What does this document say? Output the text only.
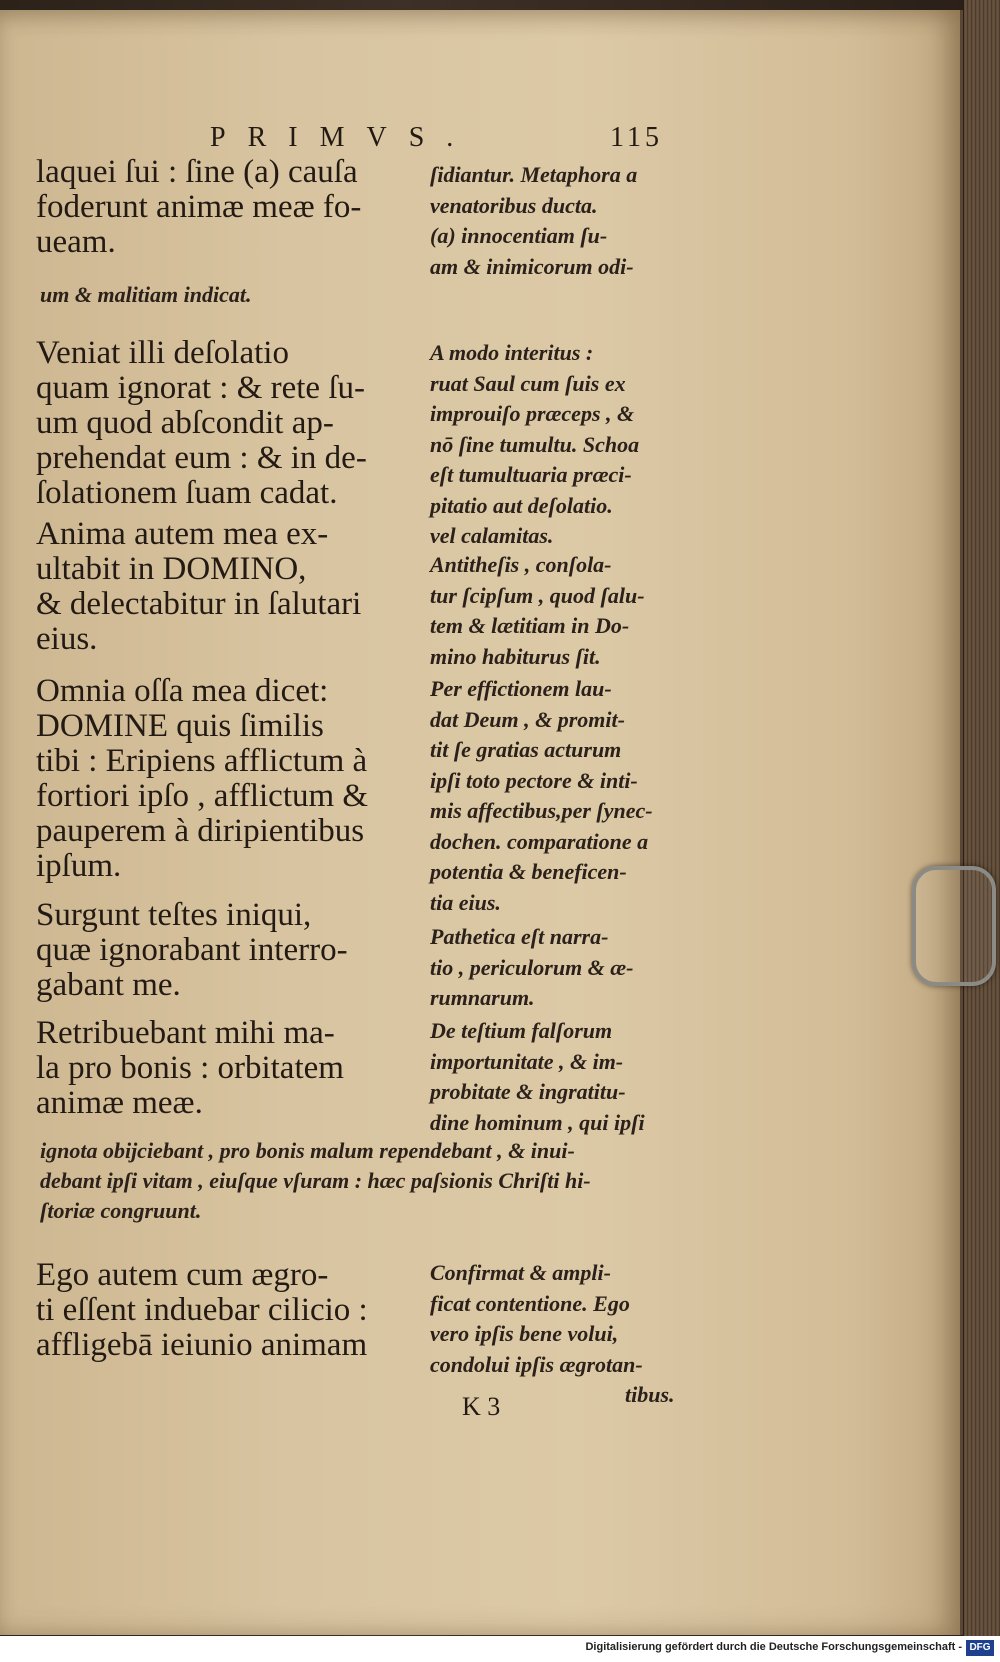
PRIMVS.	115
laquei ſui : ſine (a) cauſa
foderunt animæ meæ fo-
ueam.
ſidiantur. Metaphora a
venatoribus ducta.
(a) innocentiam ſu-
am & inimicorum odi-
um & malitiam indicat.
Veniat illi deſolatio
quam ignorat : & rete ſu-
um quod abſcondit ap-
prehendat eum : & in de-
ſolationem ſuam cadat.
A modo interitus :
ruat Saul cum ſuis ex
improuiſo præceps , &
nō ſine tumultu. Schoa
eſt tumultuaria præci-
pitatio aut deſolatio.
vel calamitas.
Anima autem mea ex-
ultabit in DOMINO,
& delectabitur in ſalutari
eius.
Antitheſis , conſola-
tur ſcipſum , quod ſalu-
tem & lætitiam in Do-
mino habiturus ſit.
Omnia oſſa mea dicet:
DOMINE quis ſimilis
tibi : Eripiens afflictum à
fortiori ipſo , afflictum &
pauperem à diripientibus
ipſum.
Per effictionem lau-
dat Deum , & promit-
tit ſe gratias acturum
ipſi toto pectore & inti-
mis affectibus,per ſynec-
dochen. comparatione a
potentia & beneficen-
tia eius.
Surgunt teſtes iniqui,
quæ ignorabant interro-
gabant me.
Pathetica eſt narra-
tio , periculorum & æ-
rumnarum.
Retribuebant mihi ma-
la pro bonis : orbitatem
animæ meæ.
De teſtium falſorum
importunitate , & im-
probitate & ingratitu-
dine hominum , qui ipſi
ignota obijciebant , pro bonis malum rependebant , & inui-
debant ipſi vitam , eiuſque vſuram : hæc paſsionis Chriſti hi-
ſtoriæ congruunt.
Ego autem cum ægro-
ti eſſent induebar cilicio :
affligebā ieiunio animam
Confirmat & ampli-
ficat contentione. Ego
vero ipſis bene volui,
condolui ipſis ægrotan-
tibus.
K 3
Digitalisierung gefördert durch die Deutsche Forschungsgemeinschaft - DFG
